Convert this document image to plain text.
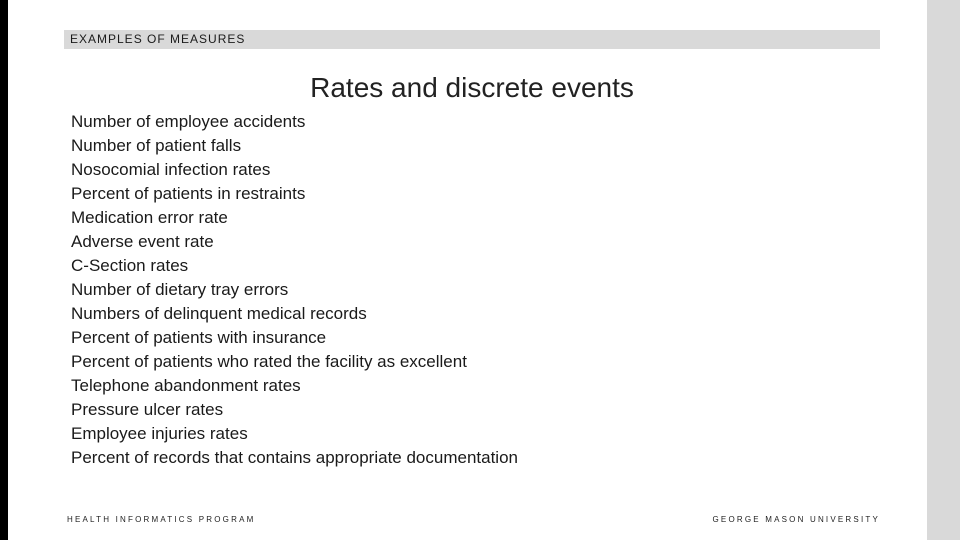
EXAMPLES OF MEASURES
Rates and discrete events
Number of employee accidents
Number of patient falls
Nosocomial infection rates
Percent of patients in restraints
Medication error rate
Adverse event rate
C-Section rates
Number of dietary tray errors
Numbers of delinquent medical records
Percent of patients with insurance
Percent of patients who rated the facility as excellent
Telephone abandonment rates
Pressure ulcer rates
Employee injuries rates
Percent of records that contains appropriate documentation
HEALTH INFORMATICS PROGRAM	GEORGE MASON UNIVERSITY
